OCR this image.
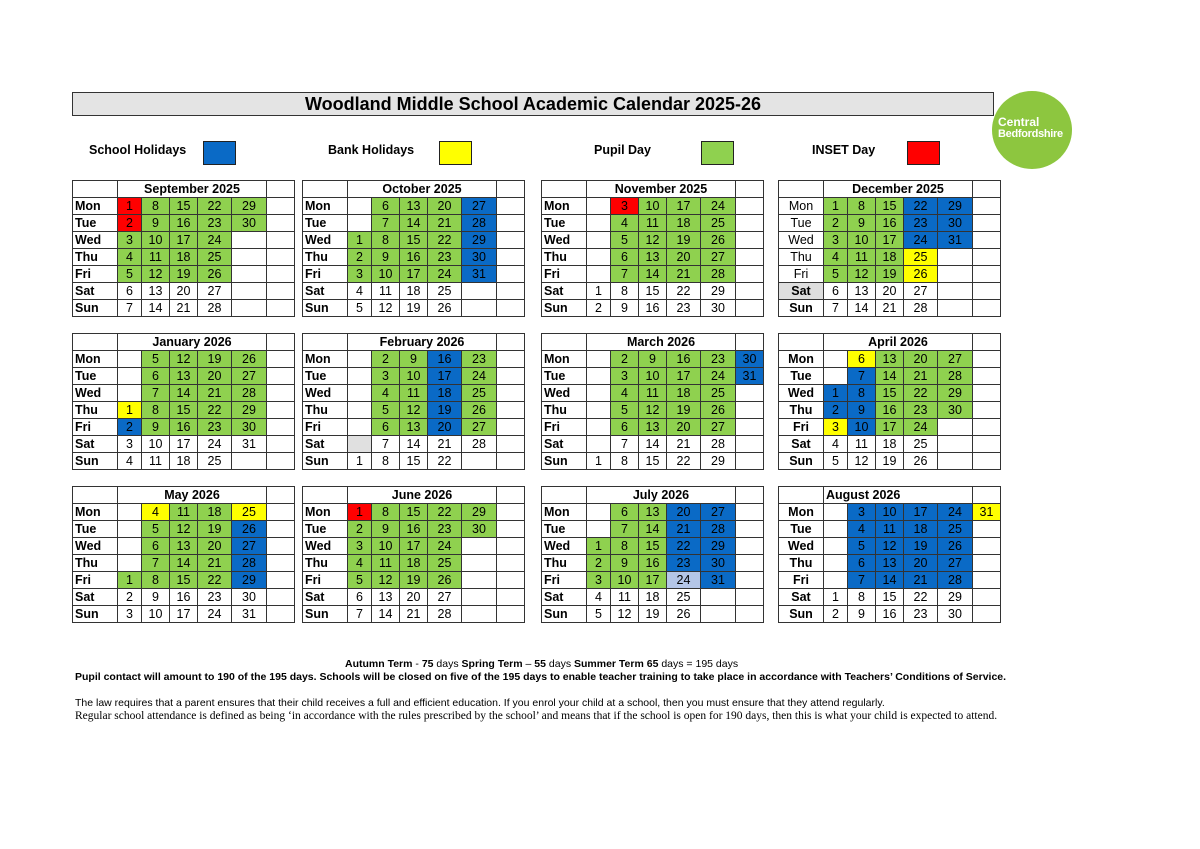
Woodland Middle School Academic Calendar 2025-26
Central
Bedfordshire
School Holidays	Bank Holidays	Pupil Day	INSET Day
	September 2025					
Mon	1	8	15	22	29	
Tue	2	9	16	23	30	
Wed	3	10	17	24		
Thu	4	11	18	25		
Fri	5	12	19	26		
Sat	6	13	20	27		
Sun	7	14	21	28		
	October 2025					
Mon		6	13	20	27	
Tue		7	14	21	28	
Wed	1	8	15	22	29	
Thu	2	9	16	23	30	
Fri	3	10	17	24	31	
Sat	4	11	18	25		
Sun	5	12	19	26		
	November 2025					
Mon		3	10	17	24	
Tue		4	11	18	25	
Wed		5	12	19	26	
Thu		6	13	20	27	
Fri		7	14	21	28	
Sat	1	8	15	22	29	
Sun	2	9	16	23	30	
	December 2025					
Mon	1	8	15	22	29	
Tue	2	9	16	23	30	
Wed	3	10	17	24	31	
Thu	4	11	18	25		
Fri	5	12	19	26		
Sat	6	13	20	27		
Sun	7	14	21	28		
	January 2026					
Mon		5	12	19	26	
Tue		6	13	20	27	
Wed		7	14	21	28	
Thu	1	8	15	22	29	
Fri	2	9	16	23	30	
Sat	3	10	17	24	31	
Sun	4	11	18	25		
	February 2026					
Mon		2	9	16	23	
Tue		3	10	17	24	
Wed		4	11	18	25	
Thu		5	12	19	26	
Fri		6	13	20	27	
Sat		7	14	21	28	
Sun	1	8	15	22		
	March 2026					
Mon		2	9	16	23	30
Tue		3	10	17	24	31
Wed		4	11	18	25	
Thu		5	12	19	26	
Fri		6	13	20	27	
Sat		7	14	21	28	
Sun	1	8	15	22	29	
	April 2026					
Mon		6	13	20	27	
Tue		7	14	21	28	
Wed	1	8	15	22	29	
Thu	2	9	16	23	30	
Fri	3	10	17	24		
Sat	4	11	18	25		
Sun	5	12	19	26		
	May 2026					
Mon		4	11	18	25	
Tue		5	12	19	26	
Wed		6	13	20	27	
Thu		7	14	21	28	
Fri	1	8	15	22	29	
Sat	2	9	16	23	30	
Sun	3	10	17	24	31	
	June 2026					
Mon	1	8	15	22	29	
Tue	2	9	16	23	30	
Wed	3	10	17	24		
Thu	4	11	18	25		
Fri	5	12	19	26		
Sat	6	13	20	27		
Sun	7	14	21	28		
	July 2026					
Mon		6	13	20	27	
Tue		7	14	21	28	
Wed	1	8	15	22	29	
Thu	2	9	16	23	30	
Fri	3	10	17	24	31	
Sat	4	11	18	25		
Sun	5	12	19	26		
	August 2026					
Mon		3	10	17	24	31
Tue		4	11	18	25	
Wed		5	12	19	26	
Thu		6	13	20	27	
Fri		7	14	21	28	
Sat	1	8	15	22	29	
Sun	2	9	16	23	30	
Autumn Term - 75 days Spring Term – 55 days Summer Term 65 days = 195 days
Pupil contact will amount to 190 of the 195 days. Schools will be closed on five of the 195 days to enable teacher training to take place in accordance with Teachers’ Conditions of Service.
The law requires that a parent ensures that their child receives a full and efficient education. If you enrol your child at a school, then you must ensure that they attend regularly.
Regular school attendance is defined as being ‘in accordance with the rules prescribed by the school’ and means that if the school is open for 190 days, then this is what your child is expected to attend.
